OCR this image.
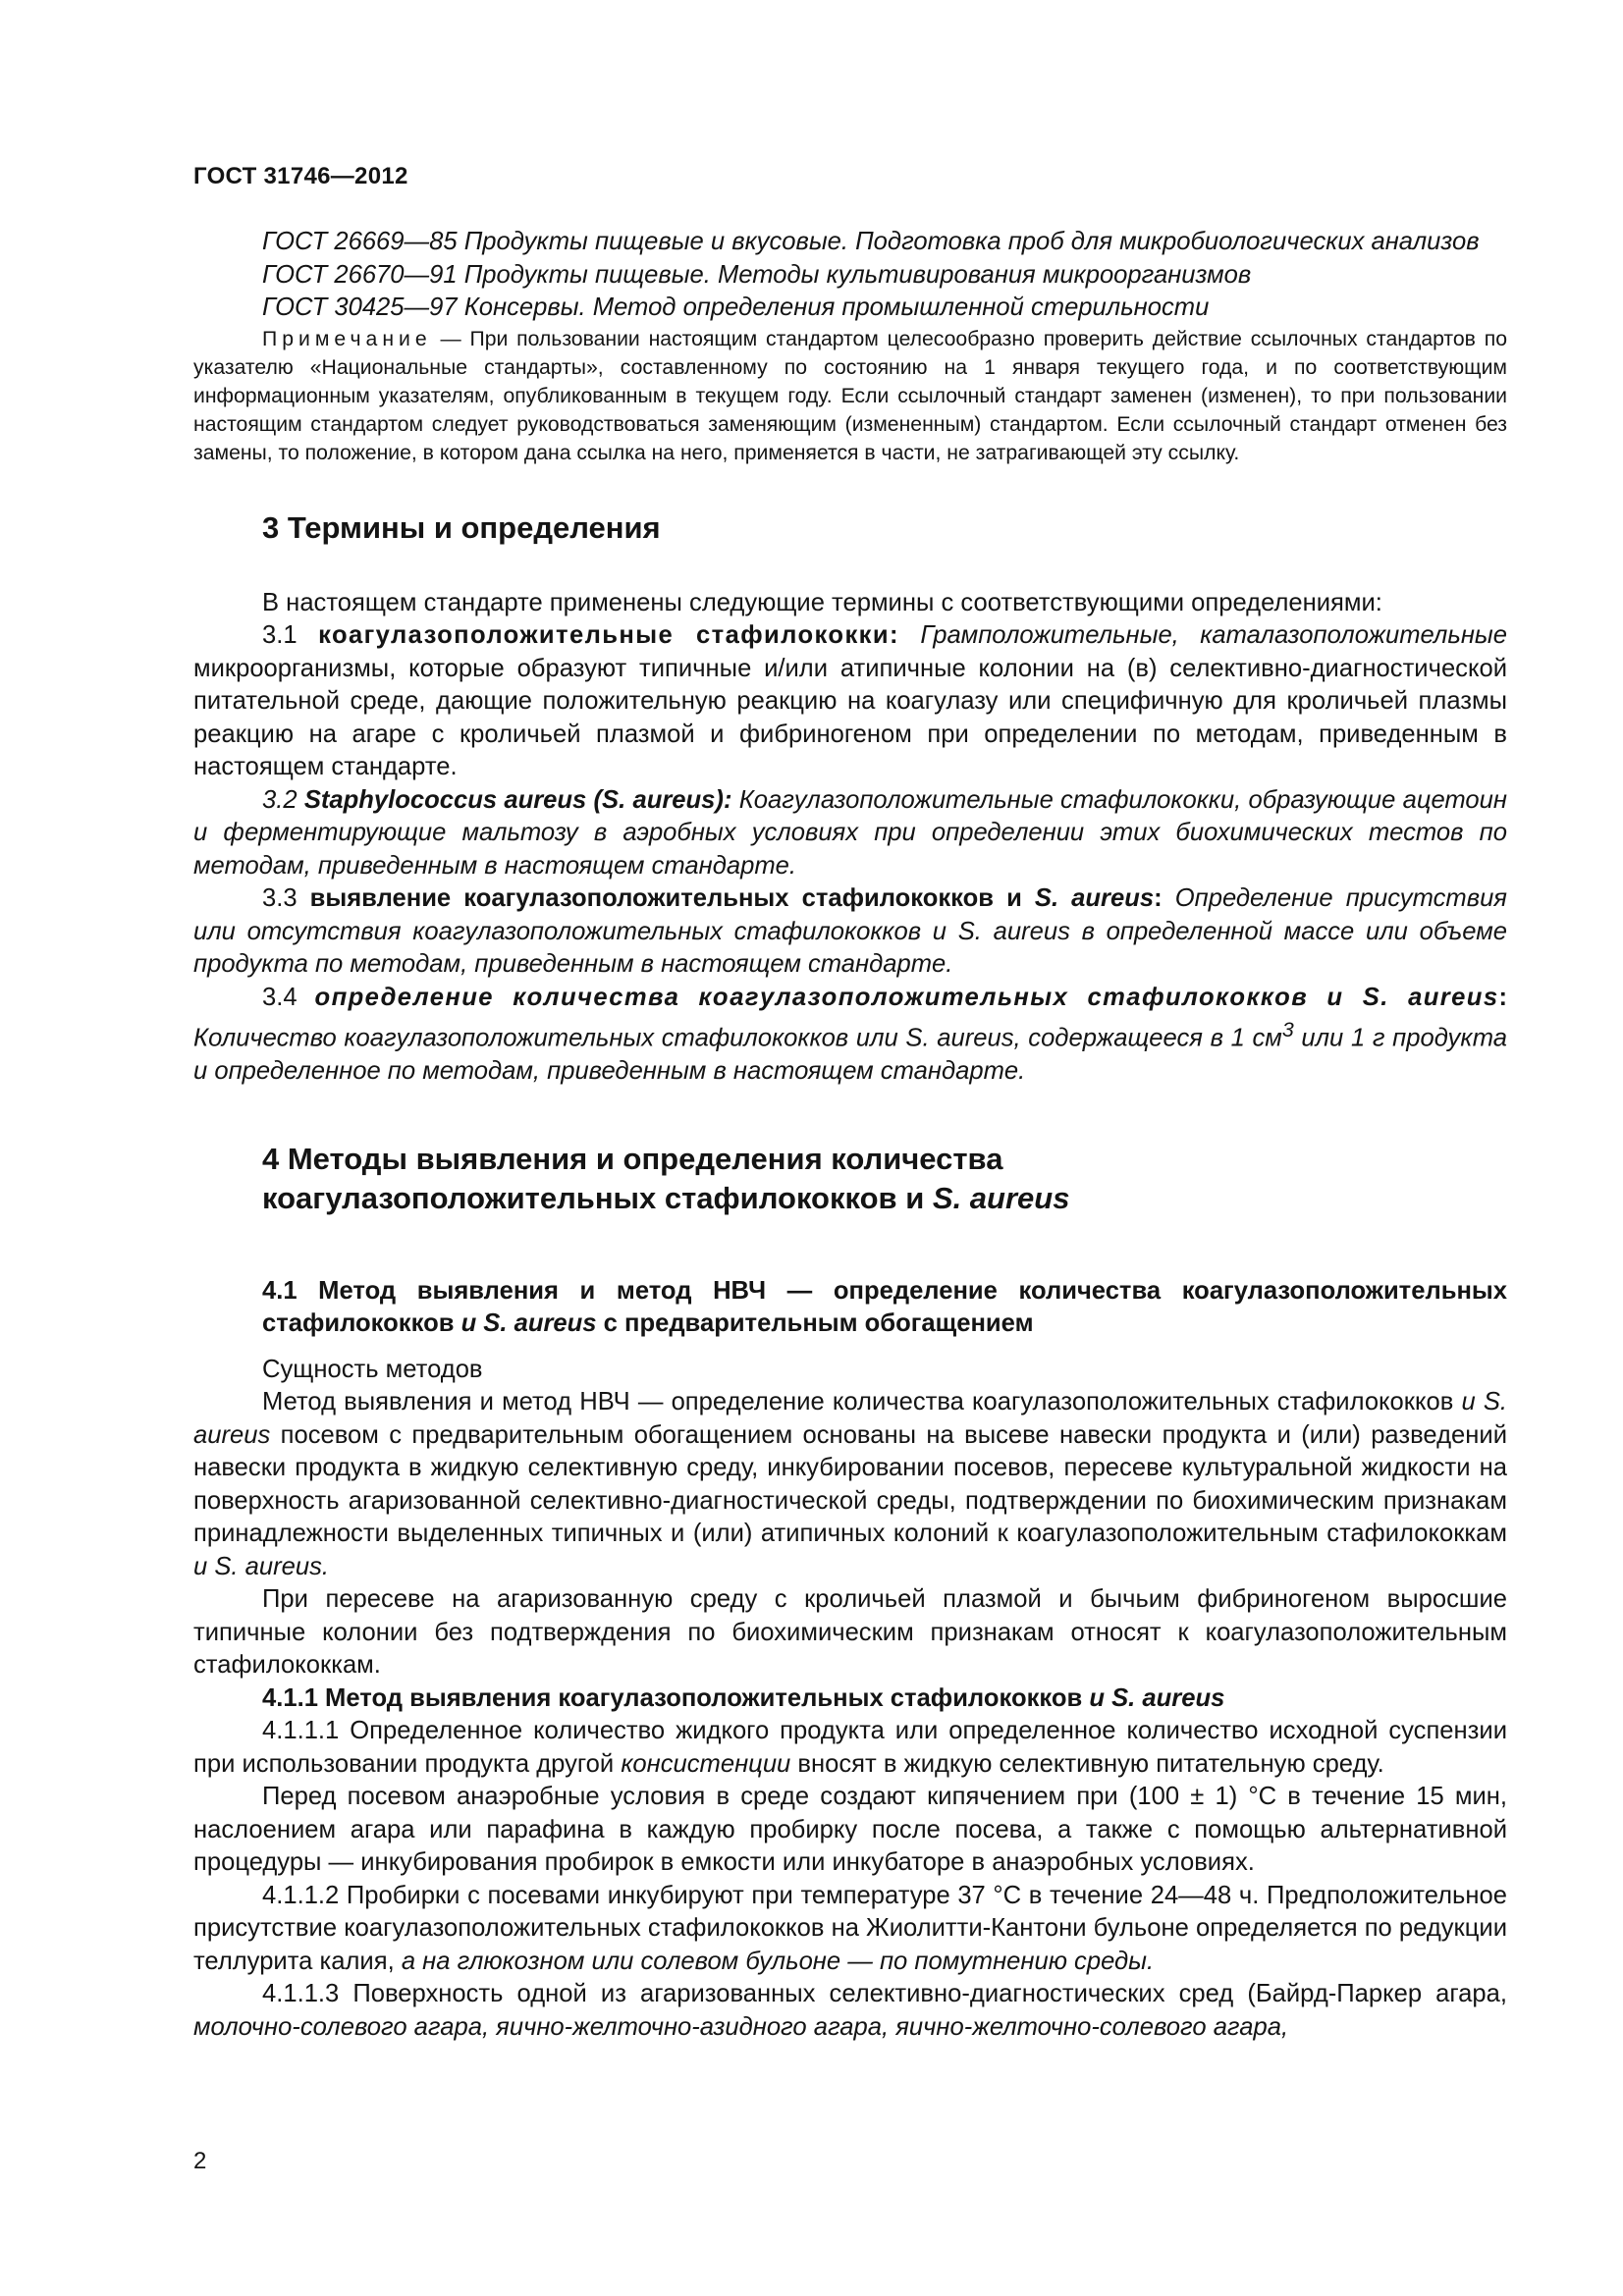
ГОСТ 31746—2012

ГОСТ 26669—85 Продукты пищевые и вкусовые. Подготовка проб для микробиологических анализов

ГОСТ 26670—91 Продукты пищевые. Методы культивирования микроорганизмов

ГОСТ 30425—97 Консервы. Метод определения промышленной стерильности

Примечание — При пользовании настоящим стандартом целесообразно проверить действие ссылочных стандартов по указателю «Национальные стандарты», составленному по состоянию на 1 января текущего года, и по соответствующим информационным указателям, опубликованным в текущем году. Если ссылочный стандарт заменен (изменен), то при пользовании настоящим стандартом следует руководствоваться заменяющим (измененным) стандартом. Если ссылочный стандарт отменен без замены, то положение, в котором дана ссылка на него, применяется в части, не затрагивающей эту ссылку.

3 Термины и определения

В настоящем стандарте применены следующие термины с соответствующими определениями:

3.1 коагулазоположительные стафилококки: Грамположительные, каталазоположительные микроорганизмы, которые образуют типичные и/или атипичные колонии на (в) селективно-диагностической питательной среде, дающие положительную реакцию на коагулазу или специфичную для кроличьей плазмы реакцию на агаре с кроличьей плазмой и фибриногеном при определении по методам, приведенным в настоящем стандарте.

3.2 Staphylococcus aureus (S. aureus): Коагулазоположительные стафилококки, образующие ацетоин и ферментирующие мальтозу в аэробных условиях при определении этих биохимических тестов по методам, приведенным в настоящем стандарте.

3.3 выявление коагулазоположительных стафилококков и S. aureus: Определение присутствия или отсутствия коагулазоположительных стафилококков и S. aureus в определенной массе или объеме продукта по методам, приведенным в настоящем стандарте.

3.4 определение количества коагулазоположительных стафилококков и S. aureus: Количество коагулазоположительных стафилококков или S. aureus, содержащееся в 1 $см^3$ или 1 г продукта и определенное по методам, приведенным в настоящем стандарте.

4 Методы выявления и определения количества
коагулазоположительных стафилококков и S. aureus
4.1 Метод выявления и метод НВЧ — определение количества коагулазоположительных стафилококков и S. aureus с предварительным обогащением

Сущность методов

Метод выявления и метод НВЧ — определение количества коагулазоположительных стафилококков и S. aureus посевом с предварительным обогащением основаны на высеве навески продукта и (или) разведений навески продукта в жидкую селективную среду, инкубировании посевов, пересеве культуральной жидкости на поверхность агаризованной селективно-диагностической среды, подтверждении по биохимическим признакам принадлежности выделенных типичных и (или) атипичных колоний к коагулазоположительным стафилококкам и S. aureus.

При пересеве на агаризованную среду с кроличьей плазмой и бычьим фибриногеном выросшие типичные колонии без подтверждения по биохимическим признакам относят к коагулазоположительным стафилококкам.

4.1.1 Метод выявления коагулазоположительных стафилококков и S. aureus

4.1.1.1 Определенное количество жидкого продукта или определенное количество исходной суспензии при использовании продукта другой консистенции вносят в жидкую селективную питательную среду.

Перед посевом анаэробные условия в среде создают кипячением при (100 ± 1) °С в течение 15 мин, наслоением агара или парафина в каждую пробирку после посева, а также с помощью альтернативной процедуры — инкубирования пробирок в емкости или инкубаторе в анаэробных условиях.

4.1.1.2 Пробирки с посевами инкубируют при температуре 37 °С в течение 24—48 ч. Предположительное присутствие коагулазоположительных стафилококков на Жиолитти-Кантони бульоне определяется по редукции теллурита калия, а на глюкозном или солевом бульоне — по помутнению среды.

4.1.1.3 Поверхность одной из агаризованных селективно-диагностических сред (Байрд-Паркер агара, молочно-солевого агара, яично-желточно-азидного агара, яично-желточно-солевого агара,

2
